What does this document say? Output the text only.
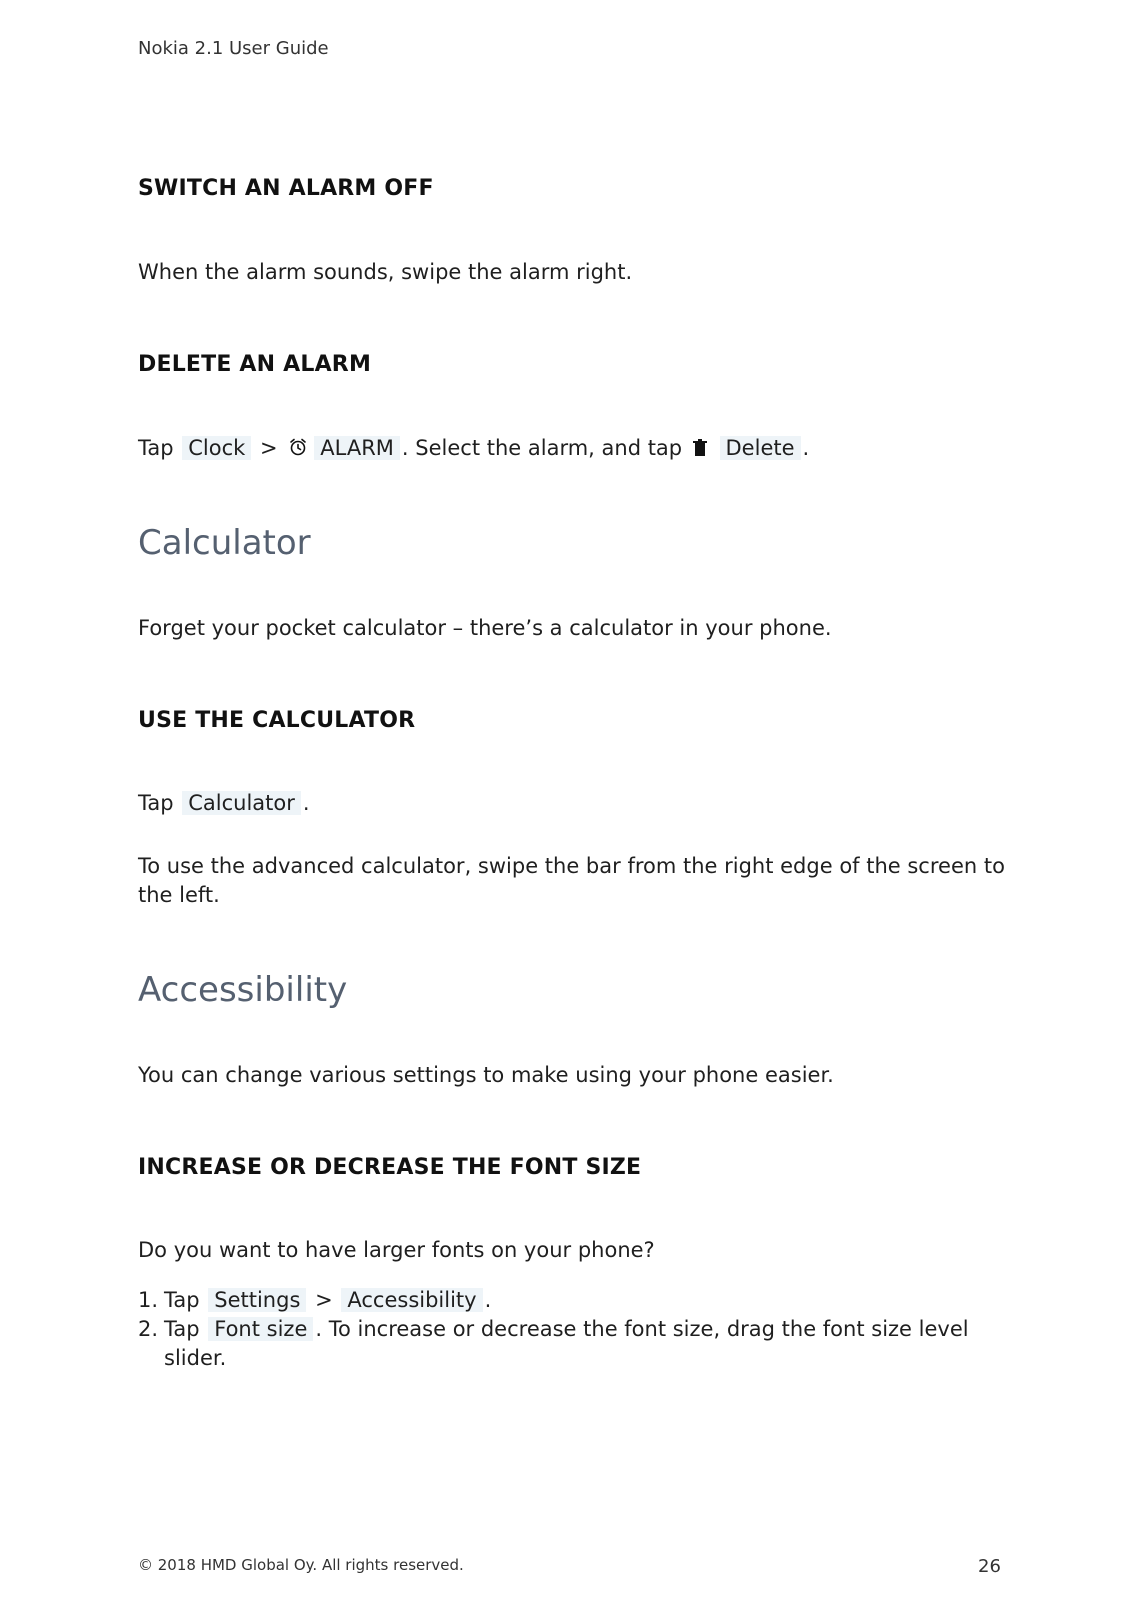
Nokia 2.1 User Guide
SWITCH AN ALARM OFF
When the alarm sounds, swipe the alarm right.
DELETE AN ALARM
Tap Clock > ALARM . Select the alarm, and tap Delete .
Calculator
Forget your pocket calculator – there’s a calculator in your phone.
USE THE CALCULATOR
Tap Calculator .
To use the advanced calculator, swipe the bar from the right edge of the screen to
the left.
Accessibility
You can change various settings to make using your phone easier.
INCREASE OR DECREASE THE FONT SIZE
Do you want to have larger fonts on your phone?
1. Tap Settings > Accessibility .
2. Tap Font size . To increase or decrease the font size, drag the font size level
slider.
© 2018 HMD Global Oy. All rights reserved.	26
